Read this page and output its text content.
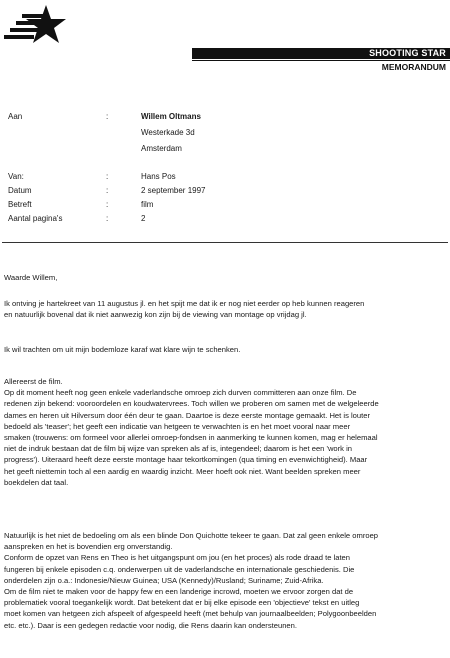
SHOOTING STAR
MEMORANDUM
Aan	:	Willem Oltmans
Westerkade 3d
Amsterdam
Van:	:	Hans Pos
Datum	:	2 september 1997
Betreft	:	film
Aantal pagina's	:	2

Waarde Willem,

Ik ontving je hartekreet van 11 augustus jl. en het spijt me dat ik er nog niet eerder op heb kunnen reageren
en natuurlijk bovenal dat ik niet aanwezig kon zijn bij de viewing van montage op vrijdag jl.

Ik wil trachten om uit mijn bodemloze karaf wat klare wijn te schenken.

Allereerst de film.

Op dit moment heeft nog geen enkele vaderlandsche omroep zich durven committeren aan onze film. De
redenen zijn bekend: vooroordelen en koudwatervrees. Toch willen we proberen om samen met de welgeleerde
dames en heren uit Hilversum door één deur te gaan. Daartoe is deze eerste montage gemaakt. Het is louter
bedoeld als 'teaser'; het geeft een indicatie van hetgeen te verwachten is en het moet vooral naar meer
smaken (trouwens: om formeel voor allerlei omroep-fondsen in aanmerking te kunnen komen, mag er helemaal
niet de indruk bestaan dat de film bij wijze van spreken als af is, integendeel; daarom is het een 'work in
progress'). Uiteraard heeft deze eerste montage haar tekortkomingen (qua timing en evenwichtigheid). Maar
het geeft niettemin toch al een aardig en waardig inzicht. Meer hoeft ook niet. Want beelden spreken meer
boekdelen dat taal.

Natuurlijk is het niet de bedoeling om als een blinde Don Quichotte tekeer te gaan. Dat zal geen enkele omroep
aanspreken en het is bovendien erg onverstandig.
Conform de opzet van Rens en Theo is het uitgangspunt om jou (en het proces) als rode draad te laten
fungeren bij enkele episoden c.q. onderwerpen uit de vaderlandsche en internationale geschiedenis. Die
onderdelen zijn o.a.: Indonesie/Nieuw Guinea; USA (Kennedy)/Rusland; Suriname; Zuid-Afrika.
Om de film niet te maken voor de happy few en een landerige incrowd, moeten we ervoor zorgen dat de
problematiek vooral toegankelijk wordt. Dat betekent dat er bij elke episode een 'objectieve' tekst en uitleg
moet komen van hetgeen zich afspeelt of afgespeeld heeft (met behulp van journaalbeelden; Polygoonbeelden
etc. etc.). Daar is een gedegen redactie voor nodig, die Rens daarin kan ondersteunen.
